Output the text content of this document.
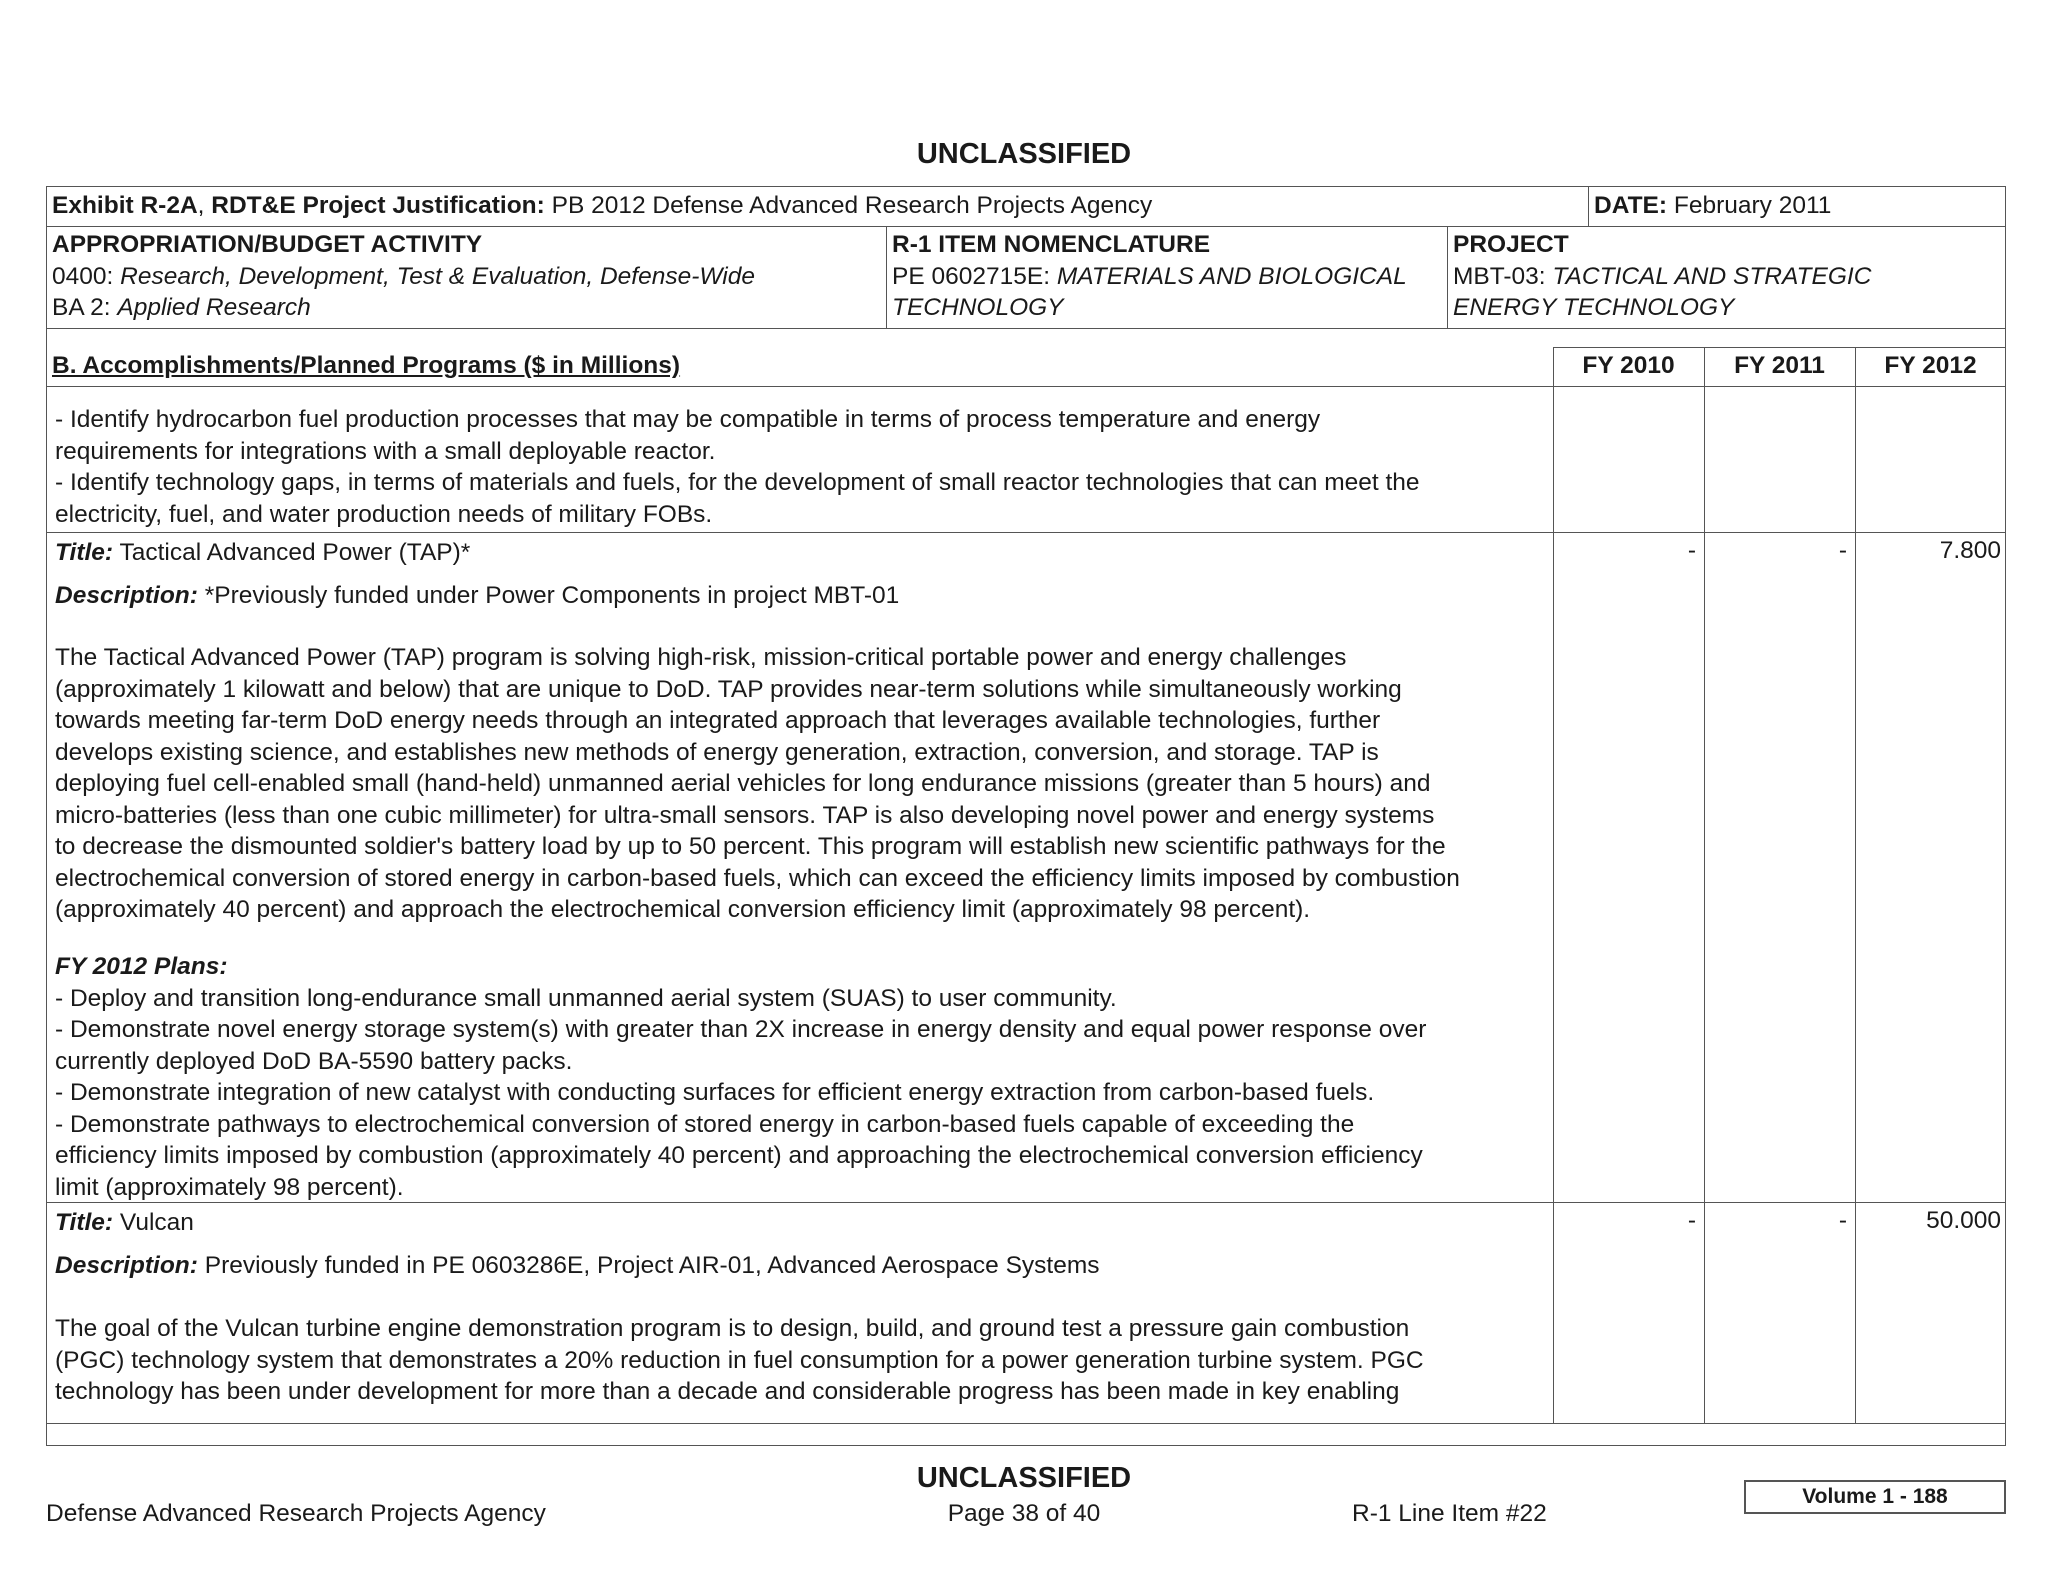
UNCLASSIFIED
Exhibit R-2A, RDT&E Project Justification: PB 2012 Defense Advanced Research Projects Agency	DATE: February 2011
APPROPRIATION/BUDGET ACTIVITY
0400: Research, Development, Test & Evaluation, Defense-Wide
BA 2: Applied Research
R-1 ITEM NOMENCLATURE
PE 0602715E: MATERIALS AND BIOLOGICAL
TECHNOLOGY
PROJECT
MBT-03: TACTICAL AND STRATEGIC
ENERGY TECHNOLOGY
B. Accomplishments/Planned Programs ($ in Millions)	FY 2010	FY 2011	FY 2012
- Identify hydrocarbon fuel production processes that may be compatible in terms of process temperature and energy
requirements for integrations with a small deployable reactor.
- Identify technology gaps, in terms of materials and fuels, for the development of small reactor technologies that can meet the
electricity, fuel, and water production needs of military FOBs.
Title: Tactical Advanced Power (TAP)*
Description: *Previously funded under Power Components in project MBT-01
The Tactical Advanced Power (TAP) program is solving high-risk, mission-critical portable power and energy challenges
(approximately 1 kilowatt and below) that are unique to DoD. TAP provides near-term solutions while simultaneously working
towards meeting far-term DoD energy needs through an integrated approach that leverages available technologies, further
develops existing science, and establishes new methods of energy generation, extraction, conversion, and storage. TAP is
deploying fuel cell-enabled small (hand-held) unmanned aerial vehicles for long endurance missions (greater than 5 hours) and
micro-batteries (less than one cubic millimeter) for ultra-small sensors. TAP is also developing novel power and energy systems
to decrease the dismounted soldier's battery load by up to 50 percent. This program will establish new scientific pathways for the
electrochemical conversion of stored energy in carbon-based fuels, which can exceed the efficiency limits imposed by combustion
(approximately 40 percent) and approach the electrochemical conversion efficiency limit (approximately 98 percent).
FY 2012 Plans:
- Deploy and transition long-endurance small unmanned aerial system (SUAS) to user community.
- Demonstrate novel energy storage system(s) with greater than 2X increase in energy density and equal power response over
currently deployed DoD BA-5590 battery packs.
- Demonstrate integration of new catalyst with conducting surfaces for efficient energy extraction from carbon-based fuels.
- Demonstrate pathways to electrochemical conversion of stored energy in carbon-based fuels capable of exceeding the
efficiency limits imposed by combustion (approximately 40 percent) and approaching the electrochemical conversion efficiency
limit (approximately 98 percent).
-	-	7.800
Title: Vulcan
Description: Previously funded in PE 0603286E, Project AIR-01, Advanced Aerospace Systems
The goal of the Vulcan turbine engine demonstration program is to design, build, and ground test a pressure gain combustion
(PGC) technology system that demonstrates a 20% reduction in fuel consumption for a power generation turbine system. PGC
technology has been under development for more than a decade and considerable progress has been made in key enabling
-	-	50.000
UNCLASSIFIED
Defense Advanced Research Projects Agency	Page 38 of 40	R-1 Line Item #22
Volume 1 - 188
